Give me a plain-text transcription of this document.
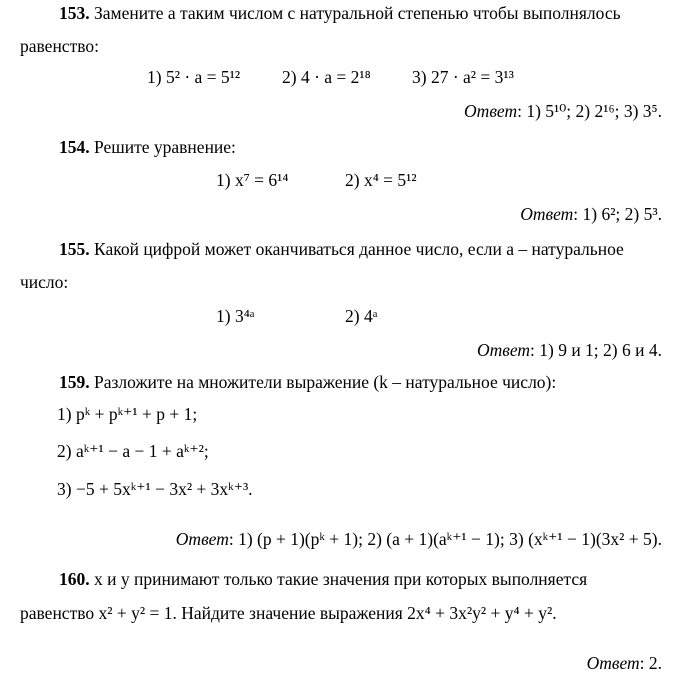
153. Замените a таким числом с натуральной степенью чтобы выполнялось
равенство:
1) 5² · a = 5¹² 2) 4 · a = 2¹⁸ 3) 27 · a² = 3¹³
Ответ: 1) 5¹⁰; 2) 2¹⁶; 3) 3⁵.
154. Решите уравнение:
1) x⁷ = 6¹⁴	2) x⁴ = 5¹²
Ответ: 1) 6²; 2) 5³.
155. Какой цифрой может оканчиваться данное число, если a – натуральное
число:
1) 3⁴ᵃ	2) 4ᵃ
Ответ: 1) 9 и 1; 2) 6 и 4.
159. Разложите на множители выражение (k – натуральное число):
1) pᵏ + pᵏ⁺¹ + p + 1;
2) aᵏ⁺¹ − a − 1 + aᵏ⁺²;
3) −5 + 5xᵏ⁺¹ − 3x² + 3xᵏ⁺³.
Ответ: 1) (p + 1)(pᵏ + 1); 2) (a + 1)(aᵏ⁺¹ − 1); 3) (xᵏ⁺¹ − 1)(3x² + 5).
160. x и y принимают только такие значения при которых выполняется
равенство x² + y² = 1. Найдите значение выражения 2x⁴ + 3x²y² + y⁴ + y².
Ответ: 2.
